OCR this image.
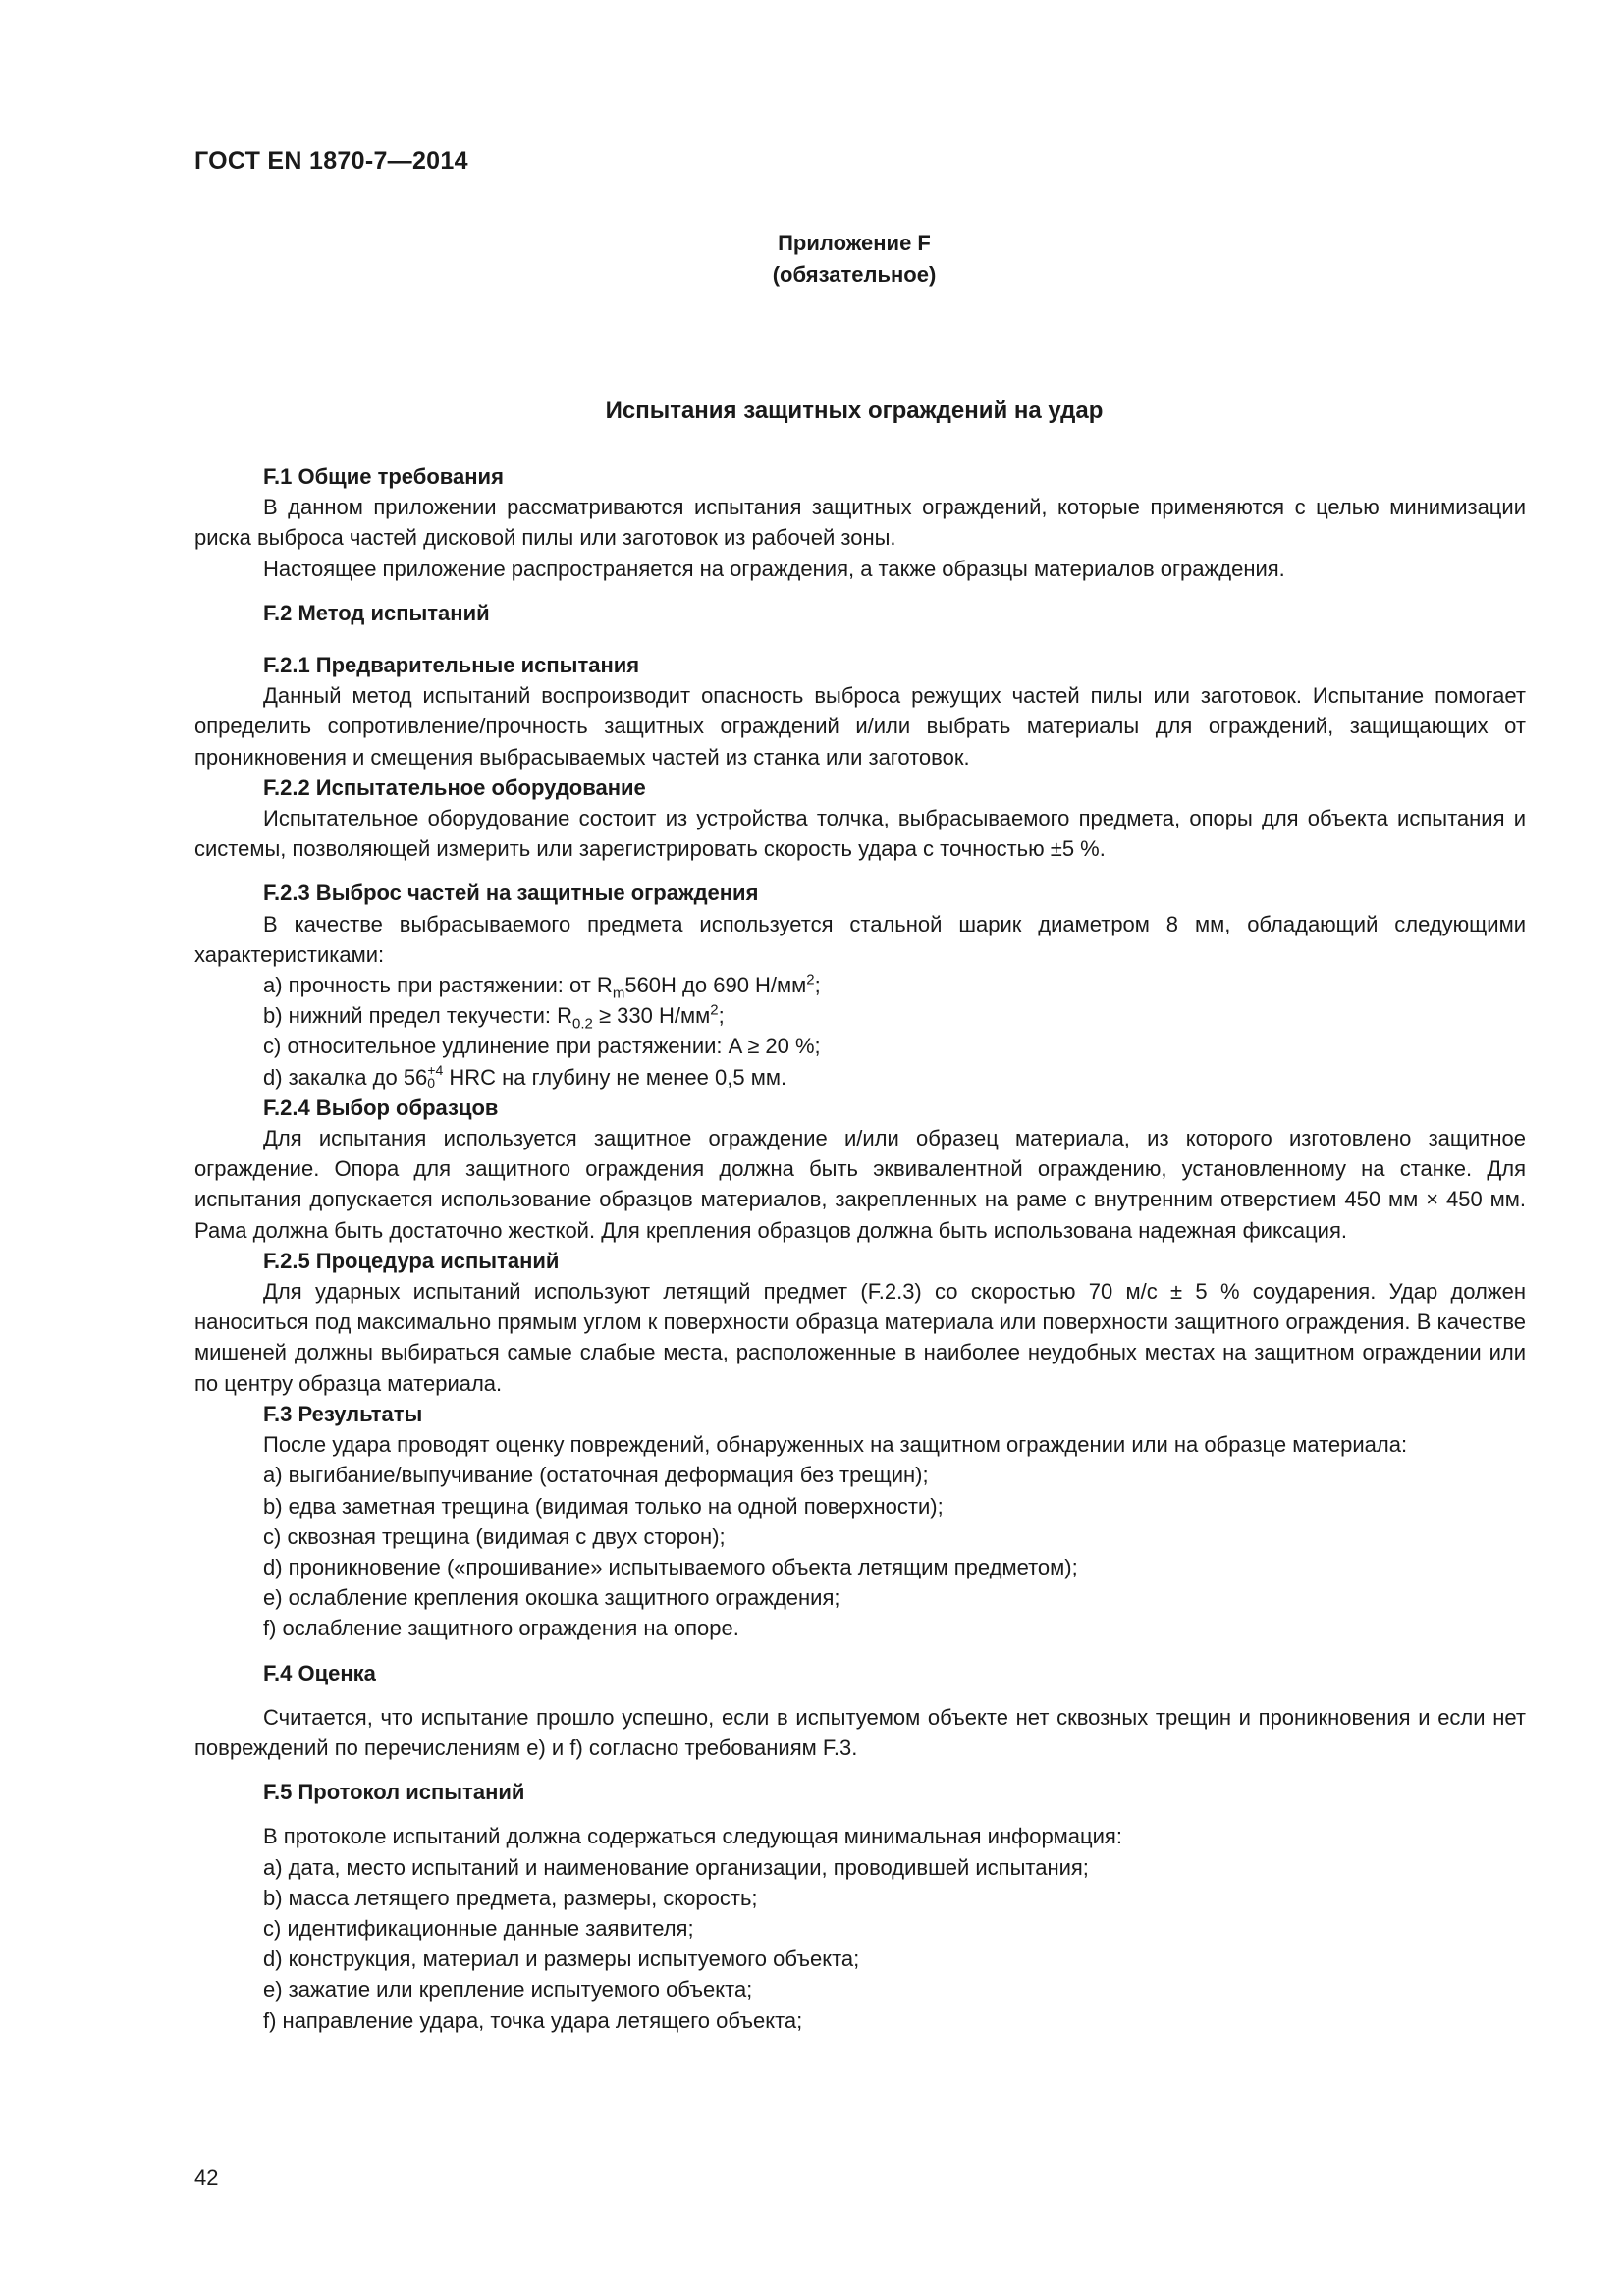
ГОСТ EN 1870-7—2014
Приложение F
(обязательное)
Испытания защитных ограждений на удар
F.1 Общие требования
В данном приложении рассматриваются испытания защитных ограждений, которые применяются с целью минимизации риска выброса частей дисковой пилы или заготовок из рабочей зоны.
Настоящее приложение распространяется на ограждения, а также образцы материалов ограждения.
F.2 Метод испытаний
F.2.1 Предварительные испытания
Данный метод испытаний воспроизводит опасность выброса режущих частей пилы или заготовок. Испытание помогает определить сопротивление/прочность защитных ограждений и/или выбрать материалы для ограждений, защищающих от проникновения и смещения выбрасываемых частей из станка или заготовок.
F.2.2 Испытательное оборудование
Испытательное оборудование состоит из устройства толчка, выбрасываемого предмета, опоры для объекта испытания и системы, позволяющей измерить или зарегистрировать скорость удара с точностью ±5 %.
F.2.3 Выброс частей на защитные ограждения
В качестве выбрасываемого предмета используется стальной шарик диаметром 8 мм, обладающий следующими характеристиками:
a) прочность при растяжении: от $R_m560Н$ до 690 $Н/мм^2$;
b) нижний предел текучести: $R_{0.2} \ge 330$ $Н/мм^2$;
c) относительное удлинение при растяжении: A ≥ 20 %;
d) закалка до 56 +4
0 HRC на глубину не менее 0,5 мм.
F.2.4 Выбор образцов
Для испытания используется защитное ограждение и/или образец материала, из которого изготовлено защитное ограждение. Опора для защитного ограждения должна быть эквивалентной ограждению, установленному на станке. Для испытания допускается использование образцов материалов, закрепленных на раме с внутренним отверстием 450 мм × 450 мм. Рама должна быть достаточно жесткой. Для крепления образцов должна быть использована надежная фиксация.
F.2.5 Процедура испытаний
Для ударных испытаний используют летящий предмет (F.2.3) со скоростью 70 м/с ± 5 % соударения. Удар должен наноситься под максимально прямым углом к поверхности образца материала или поверхности защитного ограждения. В качестве мишеней должны выбираться самые слабые места, расположенные в наиболее неудобных местах на защитном ограждении или по центру образца материала.
F.3 Результаты
После удара проводят оценку повреждений, обнаруженных на защитном ограждении или на образце материала:
a) выгибание/выпучивание (остаточная деформация без трещин);
b) едва заметная трещина (видимая только на одной поверхности);
c) сквозная трещина (видимая с двух сторон);
d) проникновение («прошивание» испытываемого объекта летящим предметом);
e) ослабление крепления окошка защитного ограждения;
f) ослабление защитного ограждения на опоре.
F.4 Оценка
Считается, что испытание прошло успешно, если в испытуемом объекте нет сквозных трещин и проникновения и если нет повреждений по перечислениям e) и f) согласно требованиям F.3.
F.5 Протокол испытаний
В протоколе испытаний должна содержаться следующая минимальная информация:
a) дата, место испытаний и наименование организации, проводившей испытания;
b) масса летящего предмета, размеры, скорость;
c) идентификационные данные заявителя;
d) конструкция, материал и размеры испытуемого объекта;
e) зажатие или крепление испытуемого объекта;
f) направление удара, точка удара летящего объекта;
42
